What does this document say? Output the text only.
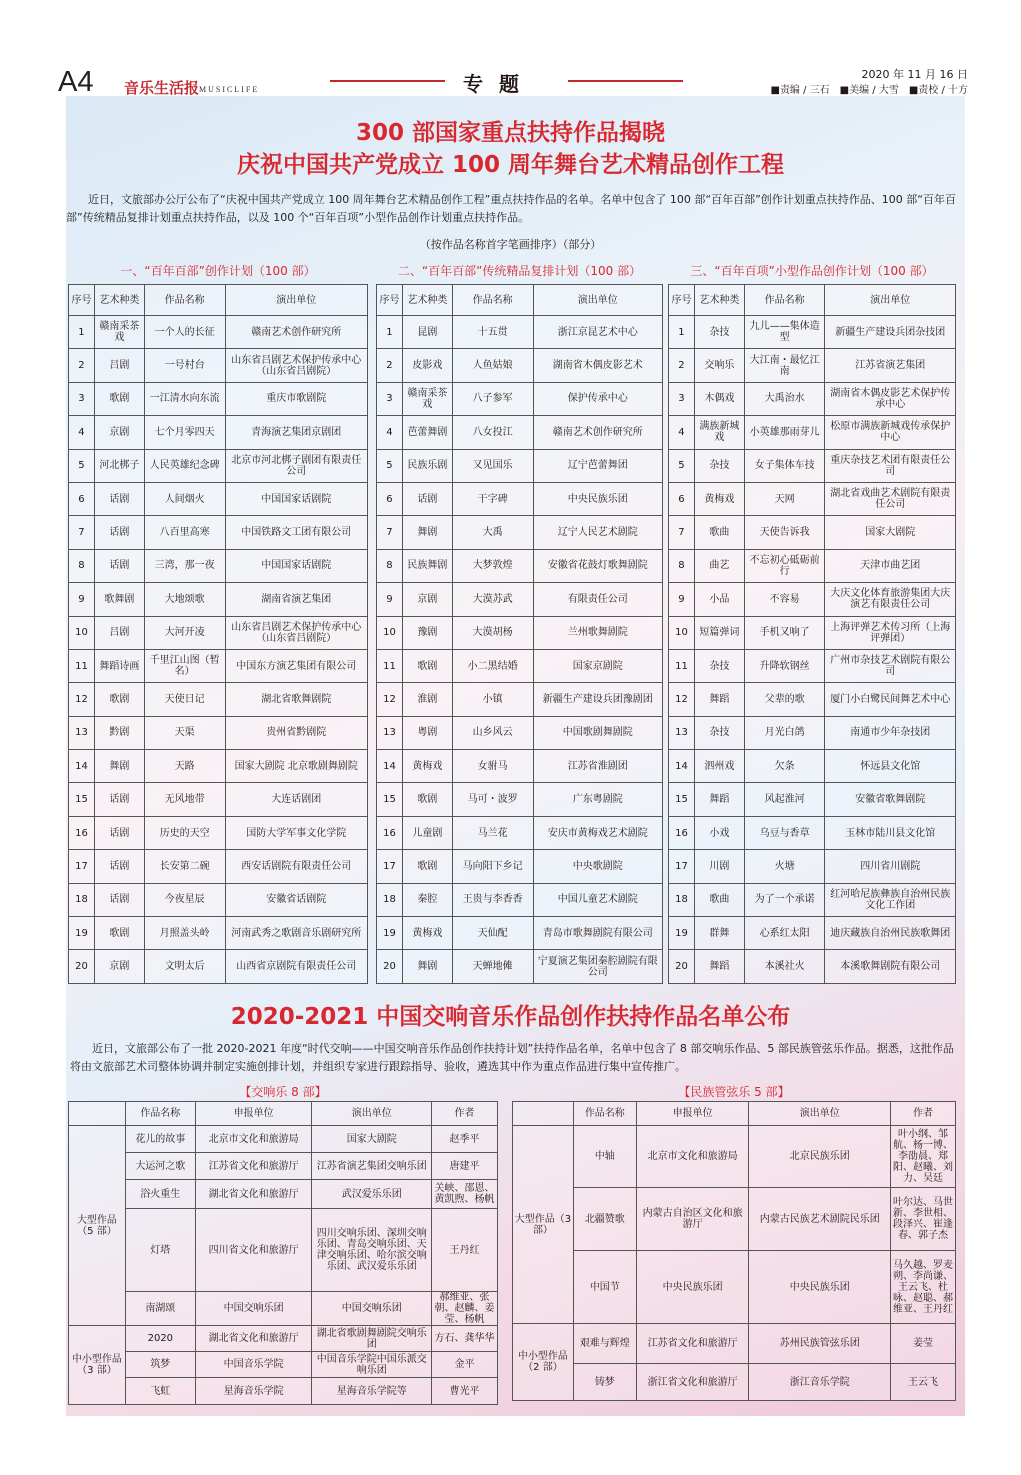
A4 音乐生活报 MUSICLIFE	专题	2020 年 11 月 16 日
■责编 / 三石　■美编 / 大雪　■责校 / 十方
300 部国家重点扶持作品揭晓
庆祝中国共产党成立 100 周年舞台艺术精品创作工程
近日，文旅部办公厅公布了“庆祝中国共产党成立 100 周年舞台艺术精品创作工程”重点扶持作品的名单。名单中包含了 100 部“百年百部”创作计划重点扶持作品、100 部“百年百部”传统精品复排计划重点扶持作品，以及 100 个“百年百项”小型作品创作计划重点扶持作品。
（按作品名称首字笔画排序）（部分）
一、“百年百部”创作计划（100 部）	二、“百年百部”传统精品复排计划（100 部）	三、“百年百项”小型作品创作计划（100 部）
序号	艺术种类	作品名称	演出单位
1	赣南采茶戏	一个人的长征	赣南艺术创作研究所
2	吕剧	一号村台	山东省吕剧艺术保护传承中心（山东省吕剧院）
3	歌剧	一江清水向东流	重庆市歌剧院
4	京剧	七个月零四天	青海演艺集团京剧团
5	河北梆子	人民英雄纪念碑	北京市河北梆子剧团有限责任公司
6	话剧	人间烟火	中国国家话剧院
7	话剧	八百里高寒	中国铁路文工团有限公司
8	话剧	三湾，那一夜	中国国家话剧院
9	歌舞剧	大地颂歌	湖南省演艺集团
10	吕剧	大河开凌	山东省吕剧艺术保护传承中心（山东省吕剧院）
11	舞蹈诗画	千里江山图（暂名）	中国东方演艺集团有限公司
12	歌剧	天使日记	湖北省歌舞剧院
13	黔剧	天渠	贵州省黔剧院
14	舞剧	天路	国家大剧院 北京歌剧舞剧院
15	话剧	无风地带	大连话剧团
16	话剧	历史的天空	国防大学军事文化学院
17	话剧	长安第二碗	西安话剧院有限责任公司
18	话剧	今夜星辰	安徽省话剧院
19	歌剧	月照盖头岭	河南武秀之歌剧音乐剧研究所
20	京剧	文明太后	山西省京剧院有限责任公司
序号	艺术种类	作品名称	演出单位
1	昆剧	十五贯	浙江京昆艺术中心
2	皮影戏	人鱼姑娘	湖南省木偶皮影艺术
3	赣南采茶戏	八子参军	保护传承中心
4	芭蕾舞剧	八女投江	赣南艺术创作研究所
5	民族乐剧	又见国乐	辽宁芭蕾舞团
6	话剧	干字碑	中央民族乐团
7	舞剧	大禹	辽宁人民艺术剧院
8	民族舞剧	大梦敦煌	安徽省花鼓灯歌舞剧院
9	京剧	大漠苏武	有限责任公司
10	豫剧	大漠胡杨	兰州歌舞剧院
11	歌剧	小二黑结婚	国家京剧院
12	淮剧	小镇	新疆生产建设兵团豫剧团
13	粤剧	山乡风云	中国歌剧舞剧院
14	黄梅戏	女驸马	江苏省淮剧团
15	歌剧	马可・波罗	广东粤剧院
16	儿童剧	马兰花	安庆市黄梅戏艺术剧院
17	歌剧	马向阳下乡记	中央歌剧院
18	秦腔	王贵与李香香	中国儿童艺术剧院
19	黄梅戏	天仙配	青岛市歌舞剧院有限公司
20	舞剧	天蝉地傩	宁夏演艺集团秦腔剧院有限公司
序号	艺术种类	作品名称	演出单位
1	杂技	九儿——集体造型	新疆生产建设兵团杂技团
2	交响乐	大江南・最忆江南	江苏省演艺集团
3	木偶戏	大禹治水	湖南省木偶皮影艺术保护传承中心
4	满族新城戏	小英雄那雨芽儿	松原市满族新城戏传承保护中心
5	杂技	女子集体车技	重庆杂技艺术团有限责任公司
6	黄梅戏	天网	湖北省戏曲艺术剧院有限责任公司
7	歌曲	天使告诉我	国家大剧院
8	曲艺	不忘初心砥砺前行	天津市曲艺团
9	小品	不容易	大庆文化体育旅游集团大庆演艺有限责任公司
10	短篇弹词	手机又响了	上海评弹艺术传习所（上海评弹团）
11	杂技	升降软钢丝	广州市杂技艺术剧院有限公司
12	舞蹈	父辈的歌	厦门小白鹭民间舞艺术中心
13	杂技	月光白鸽	南通市少年杂技团
14	泗州戏	欠条	怀远县文化馆
15	舞蹈	风起淮河	安徽省歌舞剧院
16	小戏	乌豆与香草	玉林市陆川县文化馆
17	川剧	火塘	四川省川剧院
18	歌曲	为了一个承诺	红河哈尼族彝族自治州民族文化工作团
19	群舞	心系红太阳	迪庆藏族自治州民族歌舞团
20	舞蹈	本溪社火	本溪歌舞剧院有限公司
2020-2021 中国交响音乐作品创作扶持作品名单公布
近日，文旅部公布了一批 2020-2021 年度“时代交响——中国交响音乐作品创作扶持计划”扶持作品名单，名单中包含了 8 部交响乐作品、5 部民族管弦乐作品。据悉，这批作品将由文旅部艺术司整体协调并制定实施创排计划，并组织专家进行跟踪指导、验收，遴选其中作为重点作品进行集中宣传推广。
【交响乐 8 部】	【民族管弦乐 5 部】
	作品名称	申报单位	演出单位	作者
大型作品（5 部）	花儿的故事	北京市文化和旅游局	国家大剧院	赵季平
	大运河之歌	江苏省文化和旅游厅	江苏省演艺集团交响乐团	唐建平
	浴火重生	湖北省文化和旅游厅	武汉爱乐乐团	关峡、邵恩、黄凯煦、杨帆
	灯塔	四川省文化和旅游厅	四川交响乐团、深圳交响乐团、青岛交响乐团、天津交响乐团、哈尔滨交响乐团、武汉爱乐乐团	王丹红
	南湖颂	中国交响乐团	中国交响乐团	郝维亚、张朝、赵麟、姜莹、杨帆
中小型作品（3 部）	2020	湖北省文化和旅游厅	湖北省歌剧舞剧院交响乐团	方石、龚华华
	筑梦	中国音乐学院	中国音乐学院中国乐派交响乐团	金平
	飞虹	星海音乐学院	星海音乐学院等	曹光平
	作品名称	申报单位	演出单位	作者
大型作品（3 部）	中轴	北京市文化和旅游局	北京民族乐团	叶小纲、邹航、杨一博、李劭晨、郑阳、赵曦、刘力、吴廷
	北疆赞歌	内蒙古自治区文化和旅游厅	内蒙古民族艺术剧院民乐团	叶尔达、马世新、李世相、段泽兴、崔逢春、郭子杰
	中国节	中央民族乐团	中央民族乐团	马久越、罗麦朔、李尚谦、王云飞、杜咏、赵聪、郝维亚、王丹红
中小型作品（2 部）	艰难与辉煌	江苏省文化和旅游厅	苏州民族管弦乐团	姜莹
	铸梦	浙江省文化和旅游厅	浙江音乐学院	王云飞
